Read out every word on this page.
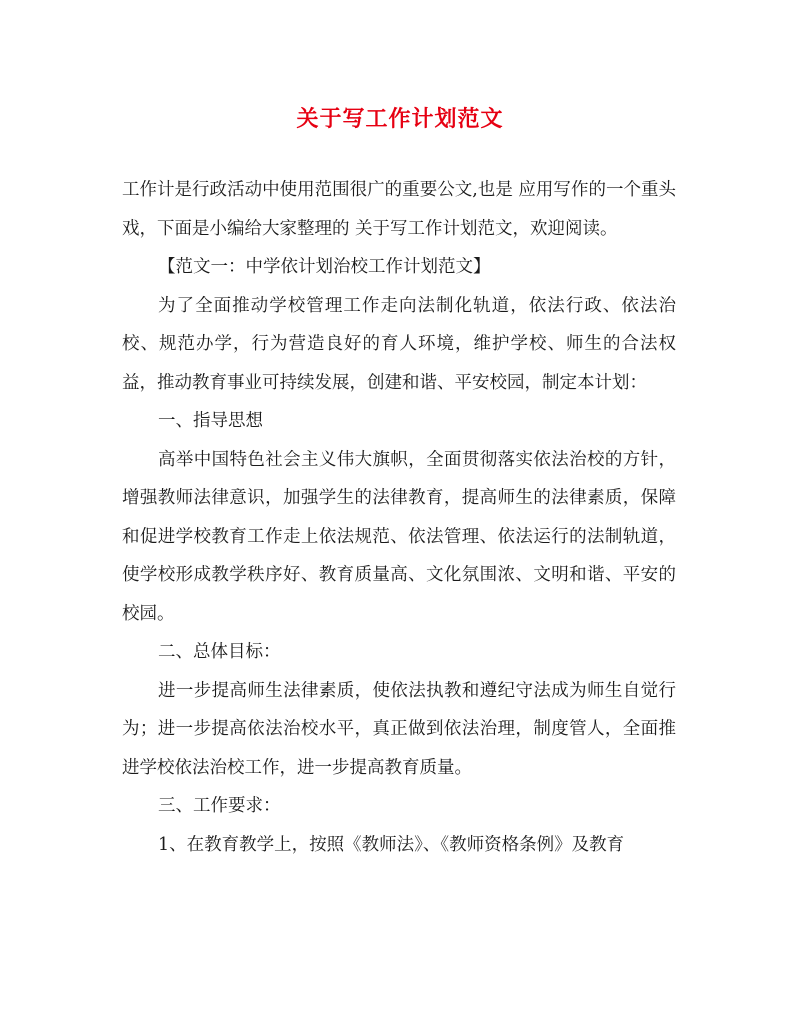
关于写工作计划范文

工作计是行政活动中使用范围很广的重要公文,也是 应用写作的一个重头戏，下面是小编给大家整理的 关于写工作计划范文，欢迎阅读。

【范文一：中学依计划治校工作计划范文】

为了全面推动学校管理工作走向法制化轨道，依法行政、依法治校、规范办学，行为营造良好的育人环境，维护学校、师生的合法权益，推动教育事业可持续发展，创建和谐、平安校园，制定本计划：

一、指导思想

高举中国特色社会主义伟大旗帜，全面贯彻落实依法治校的方针，增强教师法律意识，加强学生的法律教育，提高师生的法律素质，保障和促进学校教育工作走上依法规范、依法管理、依法运行的法制轨道，使学校形成教学秩序好、教育质量高、文化氛围浓、文明和谐、平安的校园。

二、总体目标：

进一步提高师生法律素质，使依法执教和遵纪守法成为师生自觉行为；进一步提高依法治校水平，真正做到依法治理，制度管人，全面推进学校依法治校工作，进一步提高教育质量。

三、工作要求：

1、在教育教学上，按照《教师法》、《教师资格条例》及教育
